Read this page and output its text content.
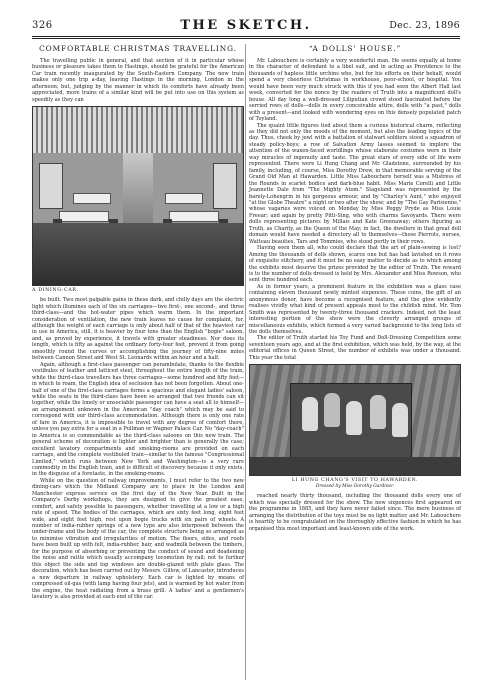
326	THE SKETCH.	Dec. 23, 1896
COMFORTABLE CHRISTMAS TRAVELLING.

The travelling public in general, and that section of it in particular whose business or pleasure takes them to Hastings, should be grateful for the American Car train recently inaugurated by the South-Eastern Company. The new train makes only one trip a-day, leaving Hastings in the morning, London in the afternoon; but, judging by the manner in which its comforts have already been appreciated, more trains of a similar kind will be put into use on this system as speedily as they can

A DINING-CAR.

be built. Two most palpable gains in these dark, and chilly days are the electric light which illumines each of the six carriages—two first-, one second-, and three third-class—and the hot-water pipes which warm them. In the important consideration of ventilation, the new train leaves no cause for complaint, for, although the weight of each carriage is only about half of that of the heaviest car in use in America, still, it is heavier by four tons than the English "bogie" saloon, and, as proved by experience, it travels with greater steadiness. Nor does its length, which is fifty as against the ordinary forty-four feet, prevent it from going smoothly round the curves or accomplishing the journey of fifty-nine miles between Cannon Street and West St. Leonards within an hour and a half.

Again, although a first-class passenger can perambulate, thanks to the flexible vestibules of leather and latticed steel, throughout the entire length of the train, while the third-class travellers has three carriages—some hundred and fifty feet—in which to roam, the English idea of seclusion has not been forgotten. About one-half of one of the first-class carriages forms a spacious and elegant ladies' saloon, while the seats in the third-class have been so arranged that two friends can sit together, while the lonely or unsociable passenger can have a seat all to himself—an arrangement unknown in the American "day coach" which may be said to correspond with our third-class accommodation. Although there is only one rate of fare in America, it is impossible to travel with any degree of comfort there, unless you pay extra for a seat in a Pullman or Wagner Palace Car. No "day-coach" in America is so commendable as the third-class saloons on this new train. The general scheme of decoration is lighter and brighter than is generally the case; excellent lavatory compartments and smoking-rooms are provided on each carriage, and the complete vestibuled train—similar to the famous "Congressional Limited," which runs between New York and Washington—is a very rare commodity in the English train, and is difficult of discovery because it only exists, in the disguise of a foretaste, in the smoking-rooms.

While on the question of railway improvements, I must refer to the two new dining-cars which the Midland Company are to place in the London and Manchester express service on the first day of the New Year. Built in the Company's Derby workshops, they are designed to give the greatest ease, comfort, and safety possible to passengers, whether travelling at a low or a high rate of speed. The bodies of the carriages, which are sixty feet long, eight feet wide, and eight feet high, rest upon bogie trucks with six pairs of wheels. A number of india-rubber springs of a new type are also interposed between the under-frame and the body of the car, the complete structure being so arranged as to minimise vibration and irregularities of motion. The floors, sides, and roofs have been built up with felt, india-rubber, hair, and wadmilk between the timbers, for the purpose of absorbing or preventing the conduct of sound and deadening the noise and rattle which usually accompany locomotion by rail; not to further this object the side and top windows are double-glazed with plate glass. The decoration, which has been carried out by Messrs. Gillow, of Lancaster, introduces a new departure in railway upholstery. Each car is lighted by means of compressed oil-gas (with lamp having four jets), and is warmed by hot water from the engine, the heat radiating from a brass grill. A ladies' and a gentlemen's lavatory is also provided at each end of the car.

“A DOLLS' HOUSE.”

Mr. Labouchere is certainly a very wonderful man. He seems equally at home in the character of defendant to a libel suit, and in acting as Providence to the thousands of hapless little urchins who, but for his efforts on their behalf, would spend a very cheerless Christmas in workhouse, poor-school, or hospital. You would have been very much struck with this if you had seen the Albert Hall last week, converted for the nonce by the readers of Truth into a magnificent doll's house. All day long a well-dressed Liliputian crowd stood fascinated before the serried rows of dolls—dolls in every conceivable attire, dolls with "a past," dolls with a present—and looked with wondering eyes on this densely populated patch of Toyland.

The quaint little figures tied about them a curious historical charm, reflecting as they did not only the moods of the moment, but also the leading topics of the day. Thus, cheek by jowl with a battalion of stalwart soldiers stood a squadron of steady policy-boys; a row of Salvation Army lasses seemed to implore the attention of the waxen-faced worldlings whose elaborate costumes were in their way miracles of ingenuity and taste. The great stars of every side of life were represented. There were Li Hung Chang and Mr. Gladstone, surrounded by his family, including, of course, Miss Dorothy Drew, in that memorable serving of the Grand Old Man at Hawarden. Little Miss Labouchere herself was a Mistress of the Rounds in scarlet bodice and dark-blue habit. Miss Marie Corelli and Little Jeannette Dale from "The Mighty Atom." Stageland was represented by the barely-Lohengrin in his gorgeous armour, and by "Charley's Aunt," who enjoyed "at the Globe Theatre" a night or two after the show; and by "The Gay Parisienne," whose vagaries were voiced on Monday by Miss Peggy Pryde as Miss Louie Freear; and again by pretty Pitti-Sing, who with charms Savoyards. There were dolls representing pictures by Millais and Kate Greenaway; others figuring as Truth, as Charity, as the Queen of the May; in fact, the dwellers in that great doll domain would have needed a directory all to themselves—those Pierrots, nurses, Watteau beauties, Tars and Tommies, who stood pertly in their rows.

Having seen them all, who could declare that the art of plain-sewing is lost? Among the thousands of dolls shown, scarce one but has had lavished on it rows of exquisite stitchery, and it must be no easy matter to decide as to which among the exhibits most deserve the prizes provided by the editor of Truth. The reward is to the number of dolls dressed is held by Mrs. Alexander and Miss Rowson, who sent three hundred each.

As in former years, a prominent feature in the exhibition was a glass case containing eleven thousand newly minted sixpences. These coins, the gift of an anonymous donor, have become a recognised feature, and the glow evidently realises vividly what kind of present appeals most to the childish mind. Mr. Tom Smith was represented by twenty-three thousand crackers. Indeed, not the least interesting portion of the show were the cleverly arranged groups of miscellaneous exhibits, which formed a very varied background to the long lists of the dolls themselves.

The editor of Truth started his Toy Fund and Doll-Dressing Competition some seventeen years ago, and at the first exhibition, which was held, by the way, at the editorial offices in Queen Street, the number of exhibits was under a thousand. This year the total

LI HUNG CHANG'S VISIT TO HAWARDEN.
Dressed by Miss Dorothy Gardiner.

reached nearly thirty thousand, including the thousand dolls every one of which was specially dressed for the show. The new sixpences first appeared on the programme in 1885, and they have never failed since. The mere business of arranging the distribution of the toys must be no light matter, and Mr. Labouchere is heartily to be congratulated on the thoroughly effective fashion in which he has organised this most important and least-known side of the work.
